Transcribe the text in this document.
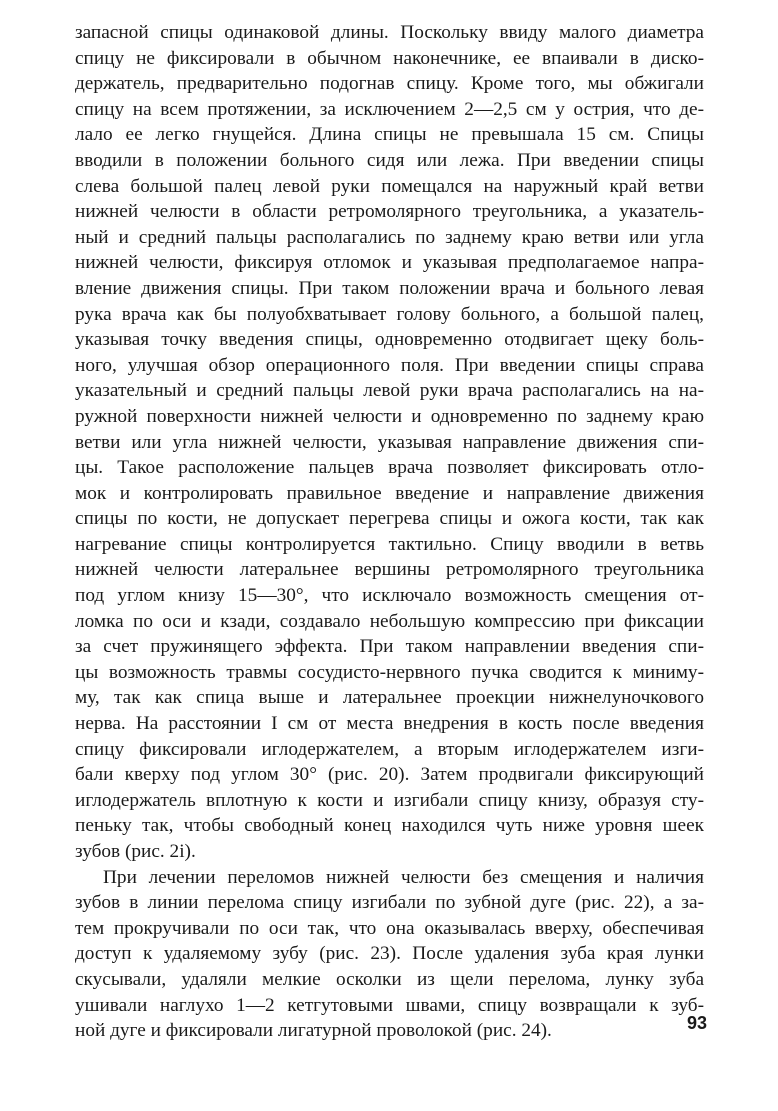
запасной спицы одинаковой длины. Поскольку ввиду малого диаметра
спицу не фиксировали в обычном наконечнике, ее впаивали в диско-
держатель, предварительно подогнав спицу. Кроме того, мы обжигали
спицу на всем протяжении, за исключением 2—2,5 см у острия, что де-
лало ее легко гнущейся. Длина спицы не превышала 15 см. Спицы
вводили в положении больного сидя или лежа. При введении спицы
слева большой палец левой руки помещался на наружный край ветви
нижней челюсти в области ретромолярного треугольника, а указатель-
ный и средний пальцы располагались по заднему краю ветви или угла
нижней челюсти, фиксируя отломок и указывая предполагаемое напра-
вление движения спицы. При таком положении врача и больного левая
рука врача как бы полуобхватывает голову больного, а большой палец,
указывая точку введения спицы, одновременно отодвигает щеку боль-
ного, улучшая обзор операционного поля. При введении спицы справа
указательный и средний пальцы левой руки врача располагались на на-
ружной поверхности нижней челюсти и одновременно по заднему краю
ветви или угла нижней челюсти, указывая направление движения спи-
цы. Такое расположение пальцев врача позволяет фиксировать отло-
мок и контролировать правильное введение и направление движения
спицы по кости, не допускает перегрева спицы и ожога кости, так как
нагревание спицы контролируется тактильно. Спицу вводили в ветвь
нижней челюсти латеральнее вершины ретромолярного треугольника
под углом книзу 15—30°, что исключало возможность смещения от-
ломка по оси и кзади, создавало небольшую компрессию при фиксации
за счет пружинящего эффекта. При таком направлении введения спи-
цы возможность травмы сосудисто-нервного пучка сводится к миниму-
му, так как спица выше и латеральнее проекции нижнелуночкового
нерва. На расстоянии I см от места внедрения в кость после введения
спицу фиксировали иглодержателем, а вторым иглодержателем изги-
бали кверху под углом 30° (рис. 20). Затем продвигали фиксирующий
иглодержатель вплотную к кости и изгибали спицу книзу, образуя сту-
пеньку так, чтобы свободный конец находился чуть ниже уровня шеек
зубов (рис. 2і).
При лечении переломов нижней челюсти без смещения и наличия
зубов в линии перелома спицу изгибали по зубной дуге (рис. 22), а за-
тем прокручивали по оси так, что она оказывалась вверху, обеспечивая
доступ к удаляемому зубу (рис. 23). После удаления зуба края лунки
скусывали, удаляли мелкие осколки из щели перелома, лунку зуба
ушивали наглухо 1—2 кетгутовыми швами, спицу возвращали к зуб-
ной дуге и фиксировали лигатурной проволокой (рис. 24).	93
